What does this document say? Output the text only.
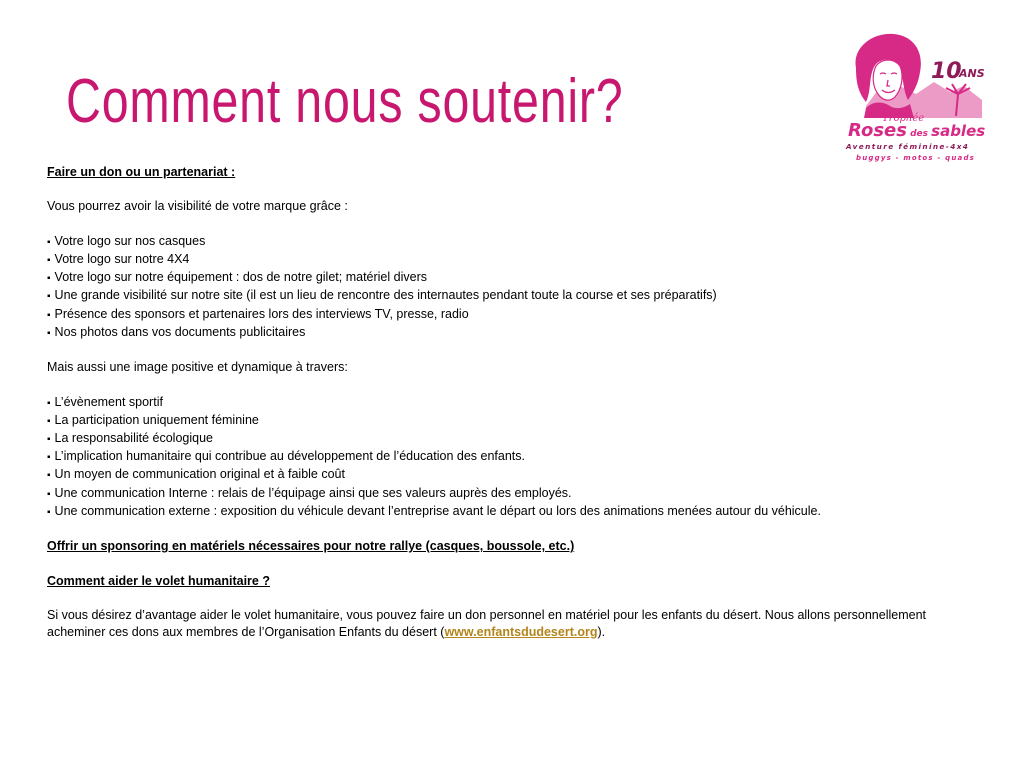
Comment nous soutenir?	10
ANS
Trophée
Roses des sables
Aventure féminine-4x4
buggys - motos - quads

Faire un don ou un partenariat :

Vous pourrez avoir la visibilité de votre marque grâce :

▪ Votre logo sur nos casques
▪ Votre logo sur notre 4X4
▪ Votre logo sur notre équipement : dos de notre gilet; matériel divers
▪ Une grande visibilité sur notre site (il est un lieu de rencontre des internautes pendant toute la course et ses préparatifs)
▪ Présence des sponsors et partenaires lors des interviews TV, presse, radio
▪ Nos photos dans vos documents publicitaires

Mais aussi une image positive et dynamique à travers:

▪ L’évènement sportif
▪ La participation uniquement féminine
▪ La responsabilité écologique
▪ L’implication humanitaire qui contribue au développement de l’éducation des enfants.
▪ Un moyen de communication original et à faible coût
▪ Une communication Interne : relais de l’équipage ainsi que ses valeurs auprès des employés.
▪ Une communication externe : exposition du véhicule devant l’entreprise avant le départ ou lors des animations menées autour du véhicule.

Offrir un sponsoring en matériels nécessaires pour notre rallye (casques, boussole, etc.)

Comment aider le volet humanitaire ?

Si vous désirez d’avantage aider le volet humanitaire, vous pouvez faire un don personnel en matériel pour les enfants du désert. Nous allons personnellement acheminer ces dons aux membres de l’Organisation Enfants du désert (www.enfantsdudesert.org).
